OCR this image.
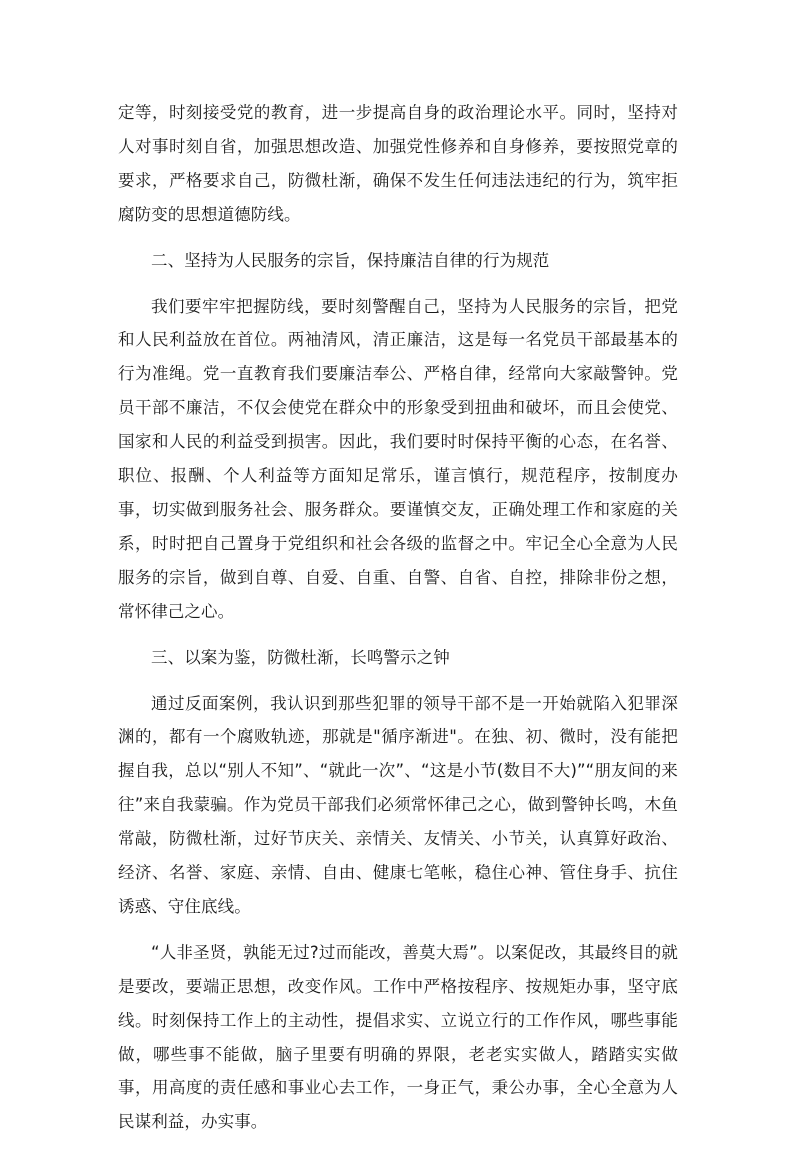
定等，时刻接受党的教育，进一步提高自身的政治理论水平。同时，坚持对人对事时刻自省，加强思想改造、加强党性修养和自身修养，要按照党章的要求，严格要求自己，防微杜渐，确保不发生任何违法违纪的行为，筑牢拒腐防变的思想道德防线。

二、坚持为人民服务的宗旨，保持廉洁自律的行为规范

我们要牢牢把握防线，要时刻警醒自己，坚持为人民服务的宗旨，把党和人民利益放在首位。两袖清风，清正廉洁，这是每一名党员干部最基本的行为准绳。党一直教育我们要廉洁奉公、严格自律，经常向大家敲警钟。党员干部不廉洁，不仅会使党在群众中的形象受到扭曲和破坏，而且会使党、国家和人民的利益受到损害。因此，我们要时时保持平衡的心态，在名誉、职位、报酬、个人利益等方面知足常乐，谨言慎行，规范程序，按制度办事，切实做到服务社会、服务群众。要谨慎交友，正确处理工作和家庭的关系，时时把自己置身于党组织和社会各级的监督之中。牢记全心全意为人民服务的宗旨，做到自尊、自爱、自重、自警、自省、自控，排除非份之想，常怀律己之心。

三、以案为鉴，防微杜渐，长鸣警示之钟

通过反面案例，我认识到那些犯罪的领导干部不是一开始就陷入犯罪深渊的，都有一个腐败轨迹，那就是"循序渐进"。在独、初、微时，没有能把握自我，总以“别人不知”、“就此一次”、“这是小节(数目不大)”“朋友间的来往”来自我蒙骗。作为党员干部我们必须常怀律己之心，做到警钟长鸣，木鱼常敲，防微杜渐，过好节庆关、亲情关、友情关、小节关，认真算好政治、经济、名誉、家庭、亲情、自由、健康七笔帐，稳住心神、管住身手、抗住诱惑、守住底线。

“人非圣贤，孰能无过?过而能改，善莫大焉”。以案促改，其最终目的就是要改，要端正思想，改变作风。工作中严格按程序、按规矩办事，坚守底线。时刻保持工作上的主动性，提倡求实、立说立行的工作作风，哪些事能做，哪些事不能做，脑子里要有明确的界限，老老实实做人，踏踏实实做事，用高度的责任感和事业心去工作，一身正气，秉公办事，全心全意为人民谋利益，办实事。
